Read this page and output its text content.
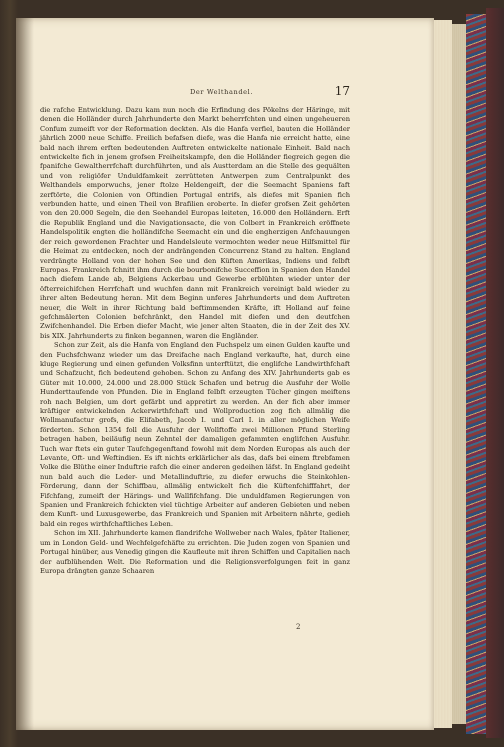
Der Welthandel.	17

die rafche Entwicklung. Dazu kam nun noch die Erfindung des Pökelns der Häringe, mit denen die Holländer durch Jahrhunderte den Markt beherrfchten und einen ungeheueren Confum zumeift vor der Reformation deckten. Als die Hanfa verfiel, bauten die Holländer jährlich 2000 neue Schiffe. Freilich befafsen diefe, was die Hanfa nie erreicht hatte, eine bald nach ihrem erften bedeutenden Auftreten entwickelte nationale Einheit. Bald nach entwickelte fich in jenem grofsen Freiheitskampfe, den die Holländer fiegreich gegen die fpanifche Gewaltherrfchaft durchführten, und als Austterdam an die Stelle des gequälten und von religiöfer Unduldfamkeit zerrütteten Antwerpen zum Centralpunkt des Welthandels emporwuchs, jener ftolze Heldengeift, der die Seemacht Spaniens faft zerftörte, die Colonien von Oftindien Portugal entrifs, als diefes mit Spanien fich verbunden hatte, und einen Theil von Brafilien eroberte. In diefer grofsen Zeit gehörten von den 20.000 Segeln, die den Seehandel Europas leiteten, 16.000 den Holländern. Erft die Republik England und die Navigationsacte, die von Colbert in Frankreich eröffnete Handelspolitik engten die holländifche Seemacht ein und die engherzigen Anfchauungen der reich gewordenen Frachter und Handelsleute vermochten weder neue Hilfsmittel für die Heimat zu entdecken, noch der andrängenden Concurrenz Stand zu halten. England verdrängte Holland von der hohen See und den Küften Amerikas, Indiens und felbft Europas. Frankreich fchnitt ihm durch die bourbonifche Succeffion in Spanien den Handel nach diefem Lande ab, Belgiens Ackerbau und Gewerbe erblühten wieder unter der öfterreichifchen Herrfchaft und wuchfen dann mit Frankreich vereinigt bald wieder zu ihrer alten Bedeutung heran. Mit dem Beginn unferes Jahrhunderts und dem Auftreten neuer, die Welt in ihrer Richtung bald beftimmenden Kräfte, ift Holland auf feine gefchmälerten Colonien befchränkt, den Handel mit diefen und den deutfchen Zwifchenhandel. Die Erben diefer Macht, wie jener alten Staaten, die in der Zeit des XV. bis XIX. Jahrhunderts zu finken begannen, waren die Engländer.

Schon zur Zeit, als die Hanfa von England den Fuchspelz um einen Gulden kaufte und den Fuchsfchwanz wieder um das Dreifache nach England verkaufte, hat, durch eine kluge Regierung und einen gefunden Volksfinn unterftützt, die englifche Landwirthfchaft und Schafzucht, fich bedeutend gehoben. Schon zu Anfang des XIV. Jahrhunderts gab es Güter mit 10.000, 24.000 und 28.000 Stück Schafen und betrug die Ausfuhr der Wolle Hunderttaufende von Pfunden. Die in England felbft erzeugten Tücher gingen meiftens roh nach Belgien, um dort gefärbt und appretirt zu werden. An der fich aber immer kräftiger entwickelnden Ackerwirthfchaft und Wollproduction zog fich allmälig die Wollmanufactur grofs, die Elifabeth, Jacob I. und Carl I. in aller möglichen Weife förderten. Schon 1354 foll die Ausfuhr der Wollftoffe zwei Millionen Pfund Sterling betragen haben, beiläufig neun Zehntel der damaligen gefammten englifchen Ausfuhr. Tuch war ftets ein guter Taufchgegenftand fowohl mit dem Norden Europas als auch der Levante, Oft- und Weftindien. Es ift nichts erklärlicher als das, dafs bei einem ftrebfamen Volke die Blüthe einer Induftrie rafch die einer anderen gedeihen läfst. In England gedeiht nun bald auch die Leder- und Metallinduftrie, zu diefer erwuchs die Steinkohlen-Förderung, dann der Schiffbau, allmälig entwickelt fich die Küftenfchifffahrt, der Fifchfang, zumeift der Härings- und Wallfifchfang. Die unduldfamen Regierungen von Spanien und Frankreich fchickten viel tüchtige Arbeiter auf anderen Gebieten und neben dem Kunft- und Luxusgewerbe, das Frankreich und Spanien mit Arbeitern nährte, gedieh bald ein reges wirthfchaftliches Leben.

Schon im XII. Jahrhunderte kamen flandrifche Wollweber nach Wales, fpäter Italiener, um in London Geld- und Wechfelgefchäfte zu errichten. Die Juden zogen von Spanien und Portugal hinüber, aus Venedig gingen die Kaufleute mit ihren Schiffen und Capitalien nach der aufblühenden Welt. Die Reformation und die Religionsverfolgungen feit in ganz Europa drängten ganze Schaaren

2
